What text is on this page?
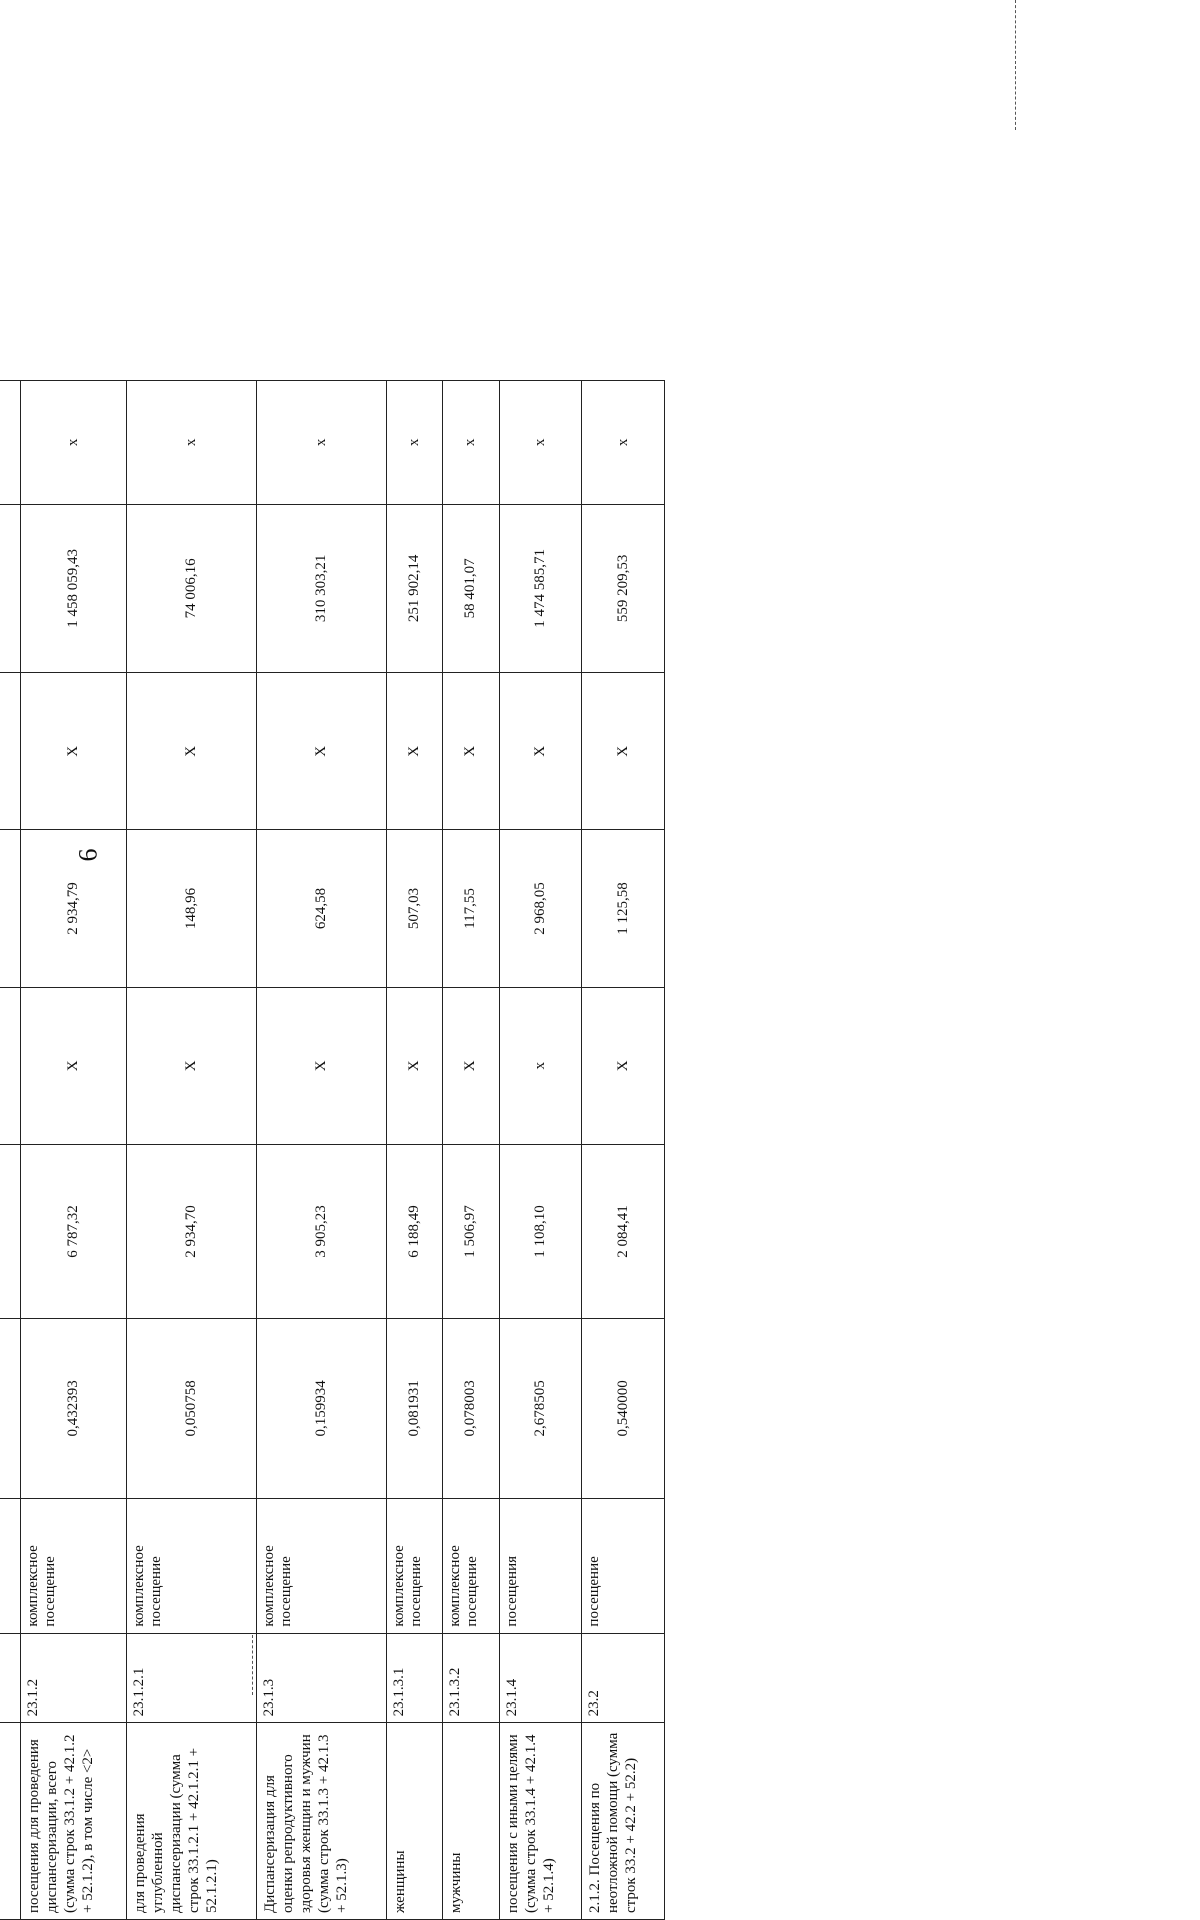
6

посещения для проведения диспансеризации, всего (сумма строк 33.1.2 + 42.1.2 + 52.1.2), в том числе <2>	23.1.2	комплексное посещение	0,432393	6 787,32	X	2 934,79	X	1 458 059,43	x
для проведения углубленной диспансеризации (сумма строк 33.1.2.1 + 42.1.2.1 + 52.1.2.1)	23.1.2.1	комплексное посещение	0,050758	2 934,70	X	148,96	X	74 006,16	x
Диспансеризация для оценки репродуктивного здоровья женщин и мужчин (сумма строк 33.1.3 + 42.1.3 + 52.1.3)	23.1.3	комплексное посещение	0,159934	3 905,23	X	624,58	X	310 303,21	x
женщины	23.1.3.1	комплексное посещение	0,081931	6 188,49	X	507,03	X	251 902,14	x
мужчины	23.1.3.2	комплексное посещение	0,078003	1 506,97	X	117,55	X	58 401,07	x
посещения с иными целями (сумма строк 33.1.4 + 42.1.4 + 52.1.4)	23.1.4	посещения	2,678505	1 108,10	x	2 968,05	X	1 474 585,71	x
2.1.2. Посещения по неотложной помощи (сумма строк 33.2 + 42.2 + 52.2)	23.2	посещение	0,540000	2 084,41	X	1 125,58	X	559 209,53	x
